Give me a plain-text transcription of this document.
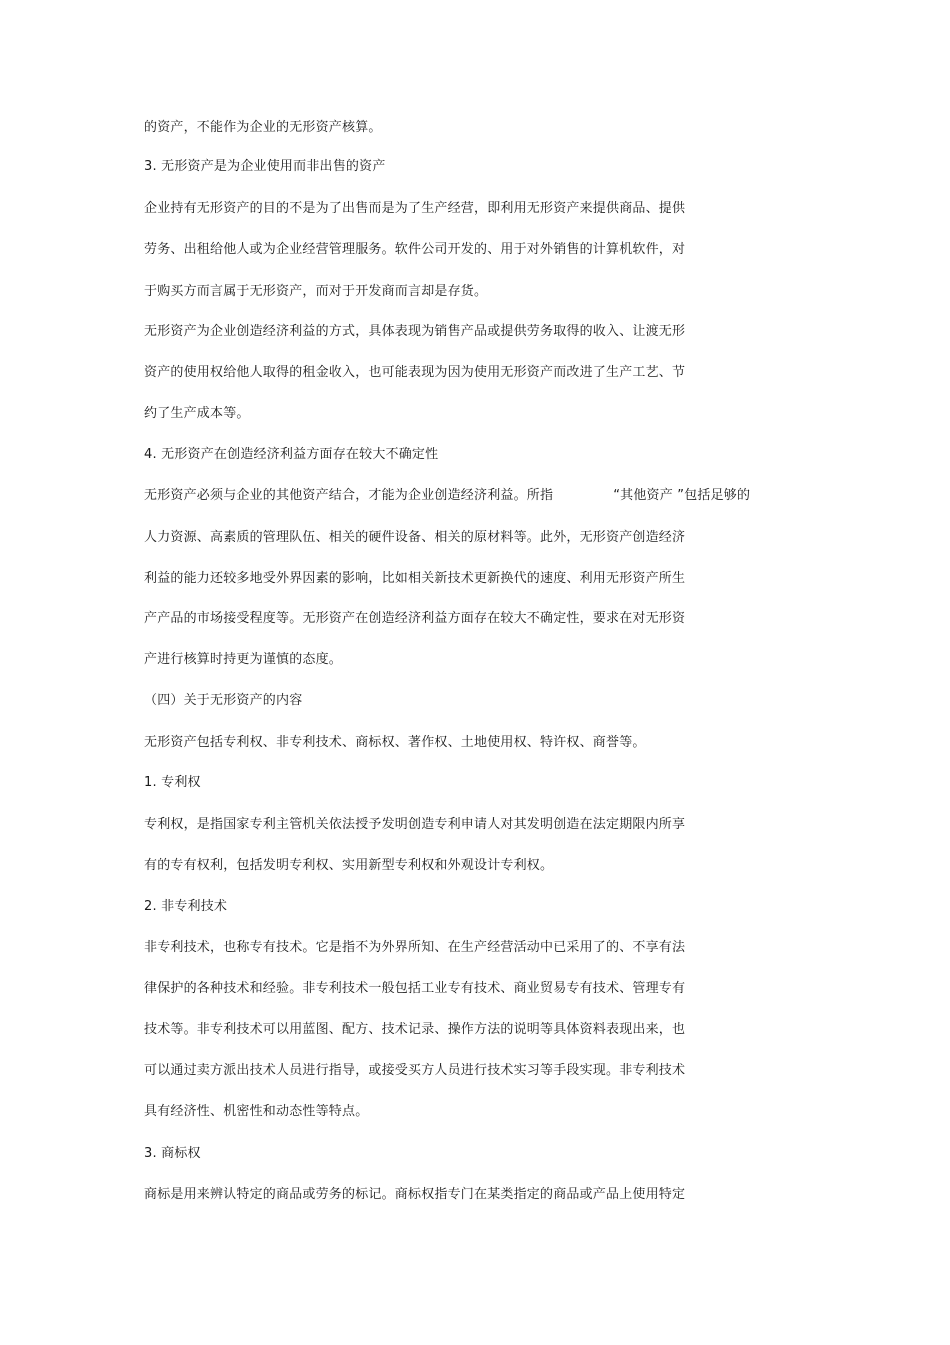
的资产，不能作为企业的无形资产核算。
3. 无形资产是为企业使用而非出售的资产
企业持有无形资产的目的不是为了出售而是为了生产经营，即利用无形资产来提供商品、提供
劳务、出租给他人或为企业经营管理服务。软件公司开发的、用于对外销售的计算机软件，对
于购买方而言属于无形资产，而对于开发商而言却是存货。
无形资产为企业创造经济利益的方式，具体表现为销售产品或提供劳务取得的收入、让渡无形
资产的使用权给他人取得的租金收入，也可能表现为因为使用无形资产而改进了生产工艺、节
约了生产成本等。
4. 无形资产在创造经济利益方面存在较大不确定性
无形资产必须与企业的其他资产结合，才能为企业创造经济利益。所指	“其他资产 ”包括足够的
人力资源、高素质的管理队伍、相关的硬件设备、相关的原材料等。此外，无形资产创造经济
利益的能力还较多地受外界因素的影响，比如相关新技术更新换代的速度、利用无形资产所生
产产品的市场接受程度等。无形资产在创造经济利益方面存在较大不确定性，要求在对无形资
产进行核算时持更为谨慎的态度。
（四）关于无形资产的内容
无形资产包括专利权、非专利技术、商标权、著作权、土地使用权、特许权、商誉等。
1. 专利权
专利权，是指国家专利主管机关依法授予发明创造专利申请人对其发明创造在法定期限内所享
有的专有权利，包括发明专利权、实用新型专利权和外观设计专利权。
2. 非专利技术
非专利技术，也称专有技术。它是指不为外界所知、在生产经营活动中已采用了的、不享有法
律保护的各种技术和经验。非专利技术一般包括工业专有技术、商业贸易专有技术、管理专有
技术等。非专利技术可以用蓝图、配方、技术记录、操作方法的说明等具体资料表现出来，也
可以通过卖方派出技术人员进行指导，或接受买方人员进行技术实习等手段实现。非专利技术
具有经济性、机密性和动态性等特点。
3. 商标权
商标是用来辨认特定的商品或劳务的标记。商标权指专门在某类指定的商品或产品上使用特定
